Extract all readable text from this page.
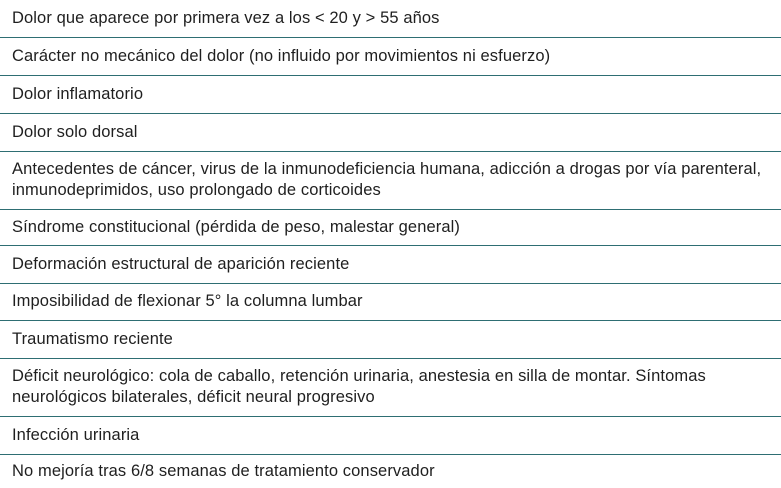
Dolor que aparece por primera vez a los < 20 y > 55 años
Carácter no mecánico del dolor (no influido por movimientos ni esfuerzo)
Dolor inflamatorio
Dolor solo dorsal
Antecedentes de cáncer, virus de la inmunodeficiencia humana, adicción a drogas por vía parenteral, inmunodeprimidos, uso prolongado de corticoides
Síndrome constitucional (pérdida de peso, malestar general)
Deformación estructural de aparición reciente
Imposibilidad de flexionar 5° la columna lumbar
Traumatismo reciente
Déficit neurológico: cola de caballo, retención urinaria, anestesia en silla de montar. Síntomas neurológicos bilaterales, déficit neural progresivo
Infección urinaria
No mejoría tras 6/8 semanas de tratamiento conservador
